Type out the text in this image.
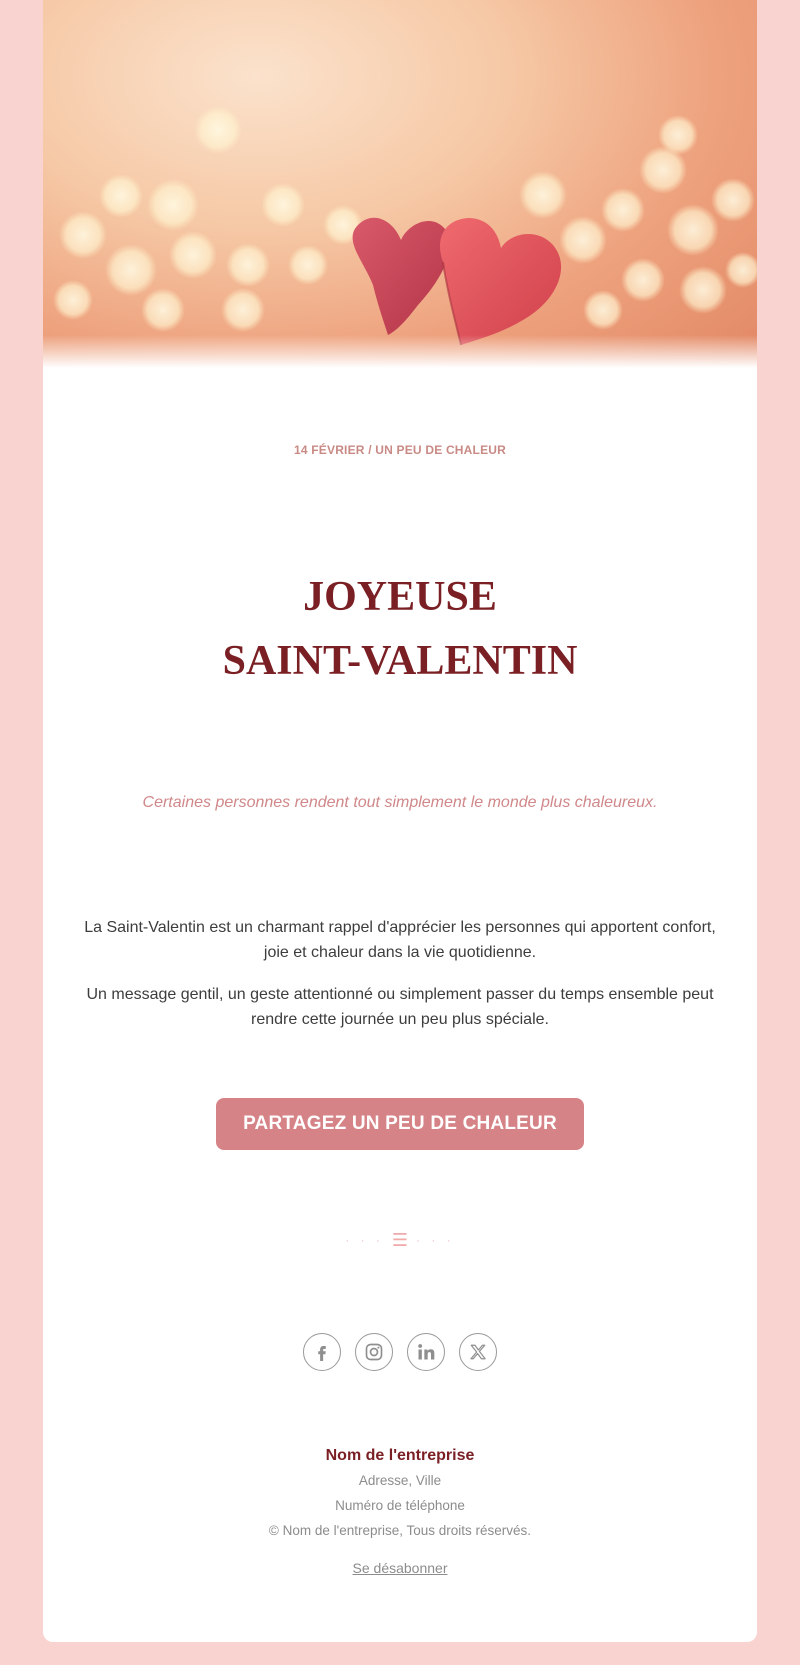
14 FÉVRIER / UN PEU DE CHALEUR
JOYEUSE
SAINT-VALENTIN
Certaines personnes rendent tout simplement le monde plus chaleureux.

La Saint-Valentin est un charmant rappel d'apprécier les personnes qui apportent confort, joie et chaleur dans la vie quotidienne.

Un message gentil, un geste attentionné ou simplement passer du temps ensemble peut rendre cette journée un peu plus spéciale.

PARTAGEZ UN PEU DE CHALEUR
· · · ☰ · · ·
Nom de l'entreprise
Adresse, Ville
Numéro de téléphone
© Nom de l'entreprise, Tous droits réservés.
Se désabonner
